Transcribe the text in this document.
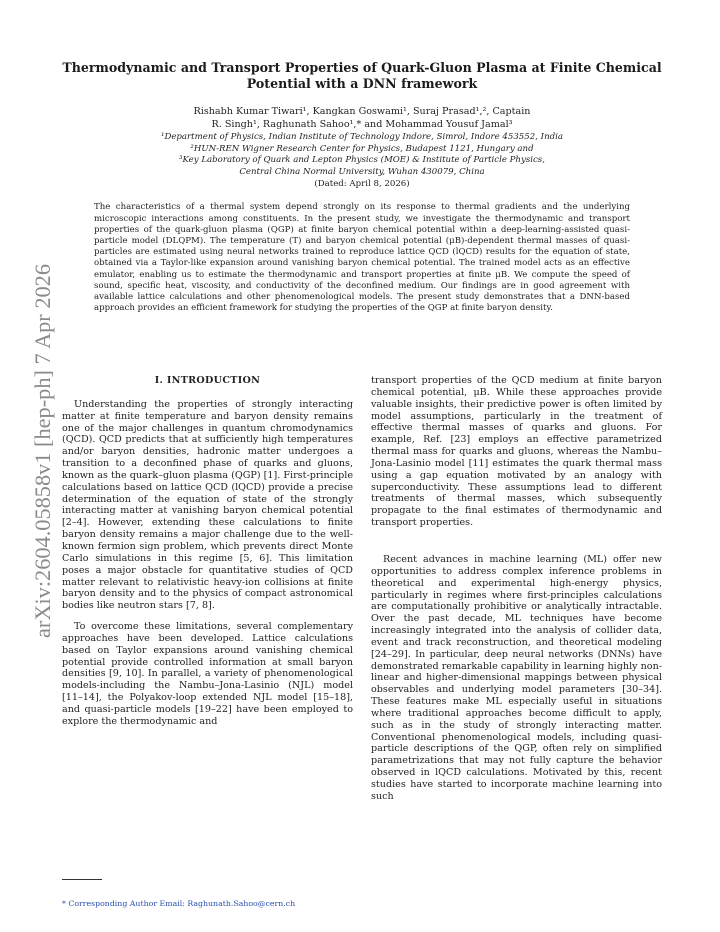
arXiv:2604.05858v1 [hep-ph] 7 Apr 2026
Thermodynamic and Transport Properties of Quark-Gluon Plasma at Finite Chemical Potential with a DNN framework
Rishabh Kumar Tiwari¹, Kangkan Goswami¹, Suraj Prasad¹,², Captain
R. Singh¹, Raghunath Sahoo¹,* and Mohammad Yousuf Jamal³
¹Department of Physics, Indian Institute of Technology Indore, Simrol, Indore 453552, India
²HUN-REN Wigner Research Center for Physics, Budapest 1121, Hungary and
³Key Laboratory of Quark and Lepton Physics (MOE) & Institute of Particle Physics,
Central China Normal University, Wuhan 430079, China
(Dated: April 8, 2026)
The characteristics of a thermal system depend strongly on its response to thermal gradients and the underlying microscopic interactions among constituents. In the present study, we investigate the thermodynamic and transport properties of the quark-gluon plasma (QGP) at finite baryon chemical potential within a deep-learning-assisted quasi-particle model (DLQPM). The temperature (T) and baryon chemical potential (μB)-dependent thermal masses of quasi-particles are estimated using neural networks trained to reproduce lattice QCD (lQCD) results for the equation of state, obtained via a Taylor-like expansion around vanishing baryon chemical potential. The trained model acts as an effective emulator, enabling us to estimate the thermodynamic and transport properties at finite μB. We compute the speed of sound, specific heat, viscosity, and conductivity of the deconfined medium. Our findings are in good agreement with available lattice calculations and other phenomenological models. The present study demonstrates that a DNN-based approach provides an efficient framework for studying the properties of the QGP at finite baryon density.
I. INTRODUCTION

Understanding the properties of strongly interacting matter at finite temperature and baryon density remains one of the major challenges in quantum chromodynamics (QCD). QCD predicts that at sufficiently high temperatures and/or baryon densities, hadronic matter undergoes a transition to a deconfined phase of quarks and gluons, known as the quark–gluon plasma (QGP) [1]. First-principle calculations based on lattice QCD (lQCD) provide a precise determination of the equation of state of the strongly interacting matter at vanishing baryon chemical potential [2–4]. However, extending these calculations to finite baryon density remains a major challenge due to the well-known fermion sign problem, which prevents direct Monte Carlo simulations in this regime [5, 6]. This limitation poses a major obstacle for quantitative studies of QCD matter relevant to relativistic heavy-ion collisions at finite baryon density and to the physics of compact astronomical bodies like neutron stars [7, 8].

To overcome these limitations, several complementary approaches have been developed. Lattice calculations based on Taylor expansions around vanishing chemical potential provide controlled information at small baryon densities [9, 10]. In parallel, a variety of phenomenological models-including the Nambu–Jona-Lasinio (NJL) model [11–14], the Polyakov-loop extended NJL model [15–18], and quasi-particle models [19–22] have been employed to explore the thermodynamic and

transport properties of the QCD medium at finite baryon chemical potential, μB. While these approaches provide valuable insights, their predictive power is often limited by model assumptions, particularly in the treatment of effective thermal masses of quarks and gluons. For example, Ref. [23] employs an effective parametrized thermal mass for quarks and gluons, whereas the Nambu–Jona-Lasinio model [11] estimates the quark thermal mass using a gap equation motivated by an analogy with superconductivity. These assumptions lead to different treatments of thermal masses, which subsequently propagate to the final estimates of thermodynamic and transport properties.

Recent advances in machine learning (ML) offer new opportunities to address complex inference problems in theoretical and experimental high-energy physics, particularly in regimes where first-principles calculations are computationally prohibitive or analytically intractable. Over the past decade, ML techniques have become increasingly integrated into the analysis of collider data, event and track reconstruction, and theoretical modeling [24–29]. In particular, deep neural networks (DNNs) have demonstrated remarkable capability in learning highly non-linear and higher-dimensional mappings between physical observables and underlying model parameters [30–34]. These features make ML especially useful in situations where traditional approaches become difficult to apply, such as in the study of strongly interacting matter. Conventional phenomenological models, including quasi-particle descriptions of the QGP, often rely on simplified parametrizations that may not fully capture the behavior observed in lQCD calculations. Motivated by this, recent studies have started to incorporate machine learning into such

* Corresponding Author Email: Raghunath.Sahoo@cern.ch
